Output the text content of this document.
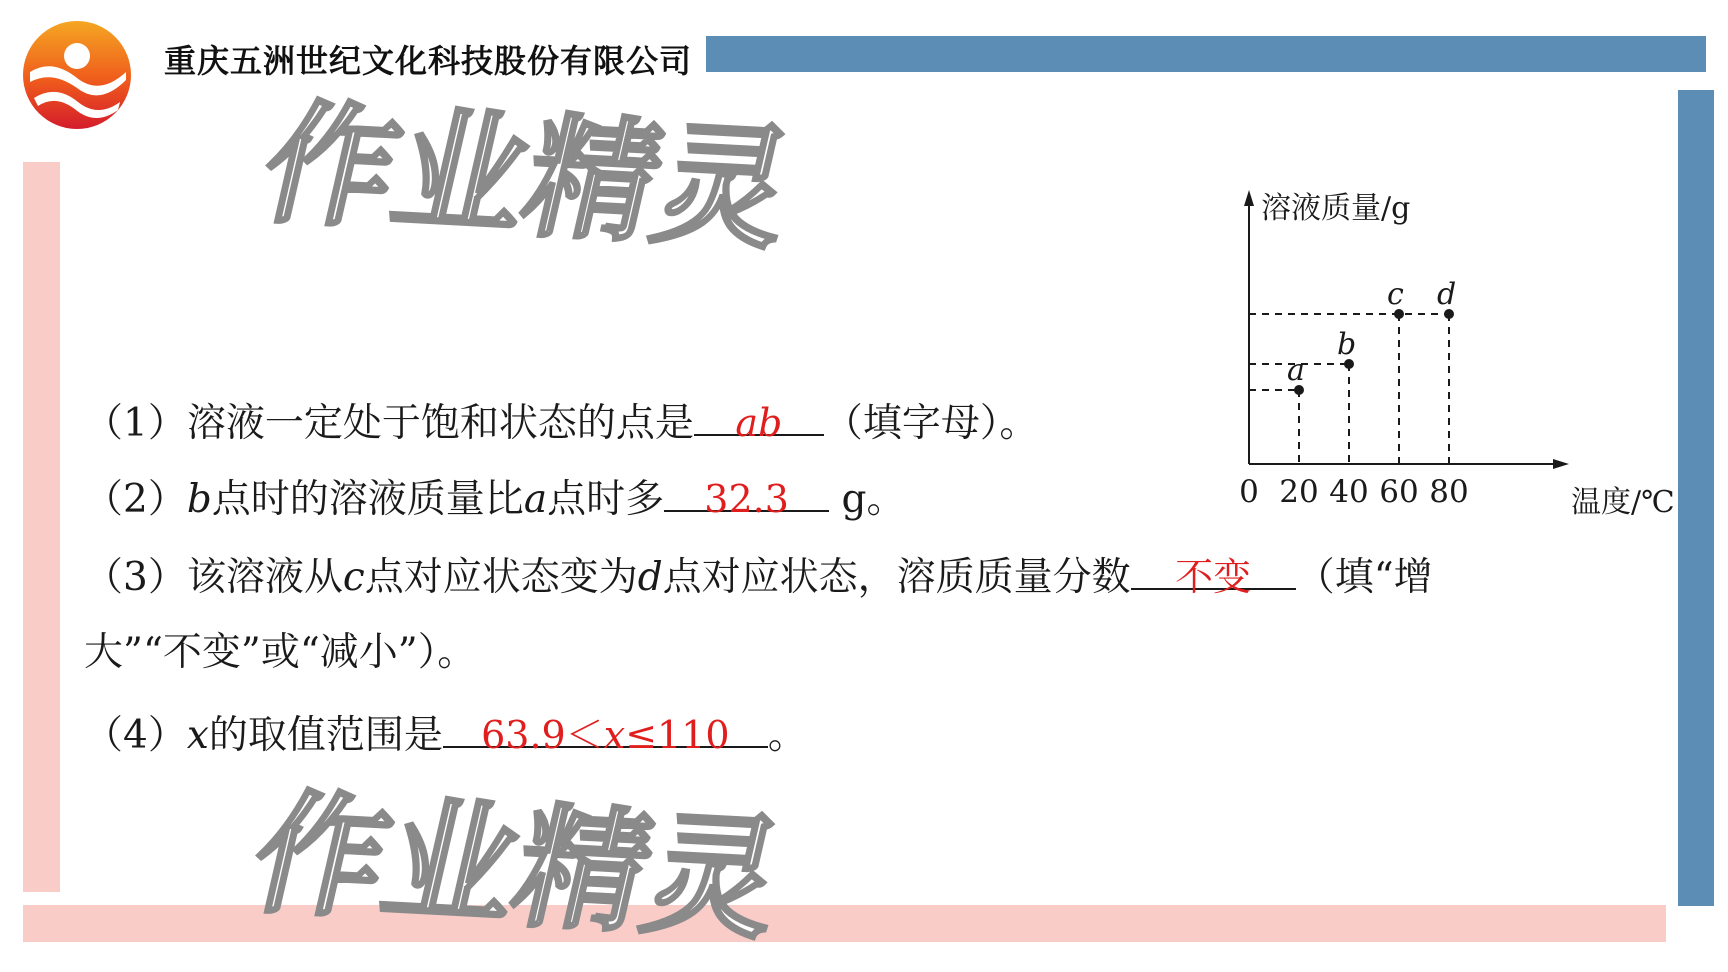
重庆五洲世纪文化科技股份有限公司
作业精灵
作业精灵
（1）溶液一定处于饱和状态的点是	ab	（填字母）。
（2）b点时的溶液质量比a点时多	32.3	g。
（3）该溶液从c点对应状态变为d点对应状态，溶质质量分数	不变	（填“增
大”“不变”或“减小”）。
（4）x的取值范围是	63.9＜x≤110 。
溶液质量/g
温度/℃
0 20 40 60 80
a
b
c d
